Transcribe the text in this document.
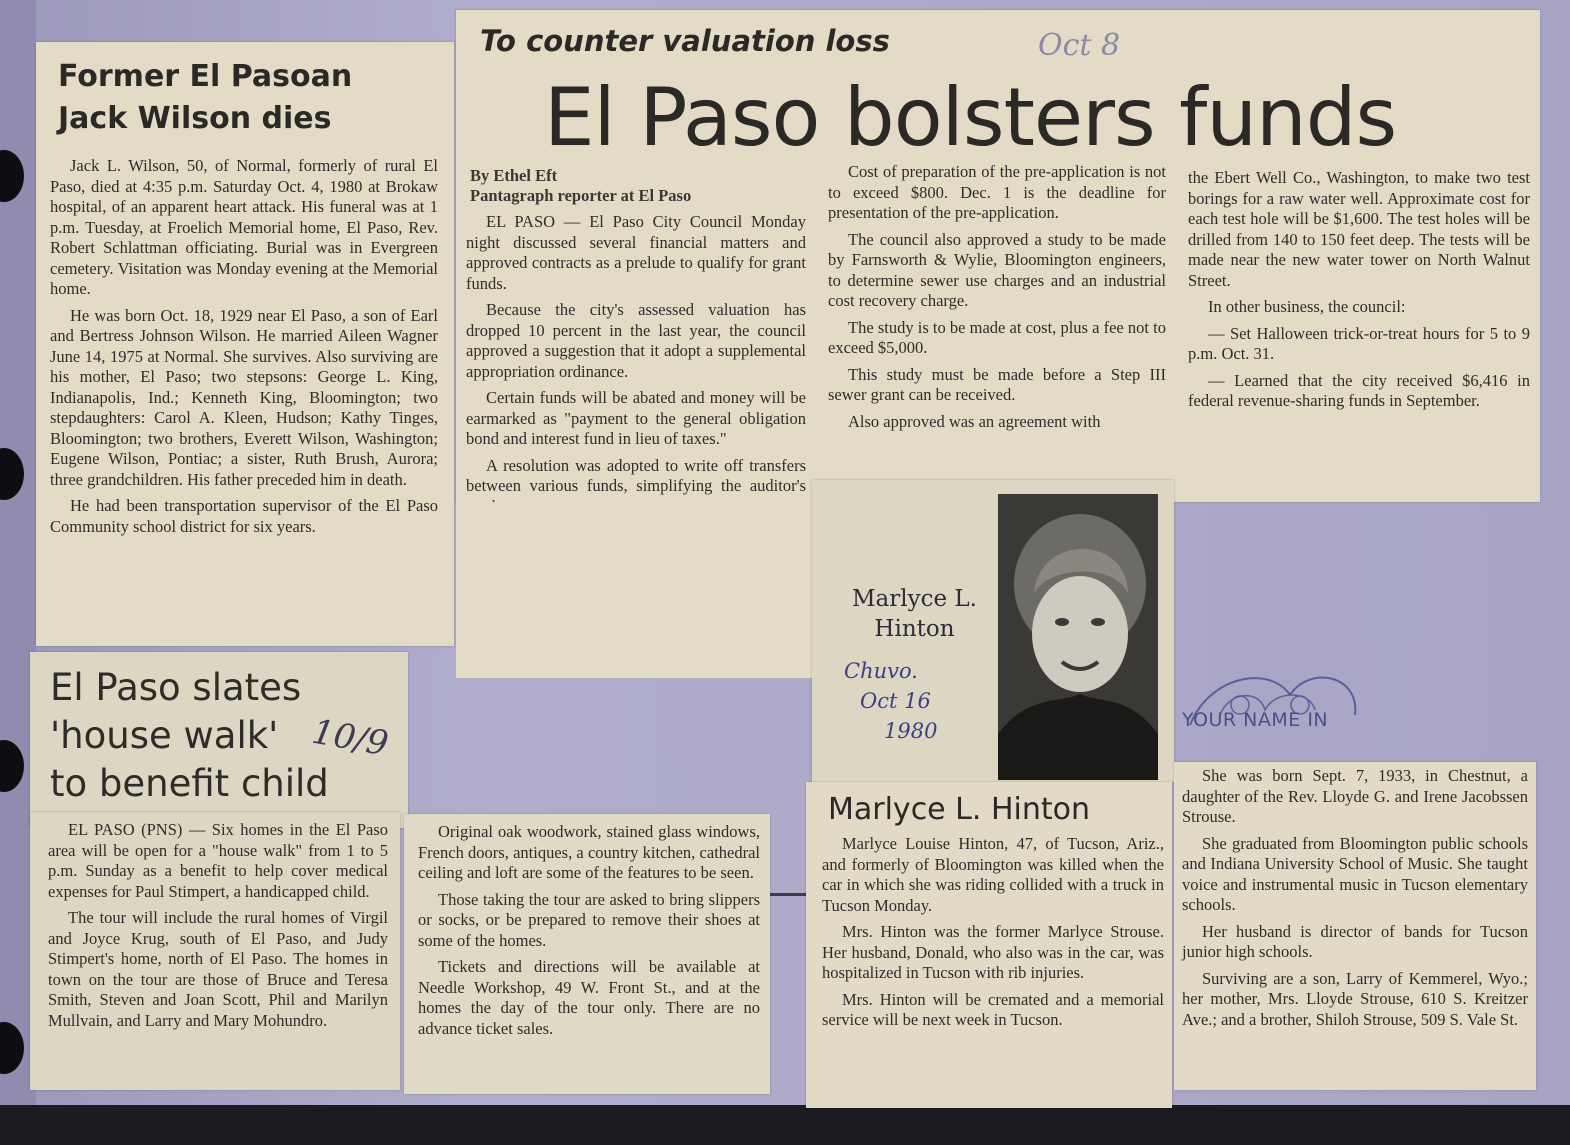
YOUR NAME IN
Former El Pasoan
Jack Wilson dies

Jack L. Wilson, 50, of Normal, formerly of rural El Paso, died at 4:35 p.m. Saturday Oct. 4, 1980 at Brokaw hospital, of an apparent heart attack. His funeral was at 1 p.m. Tuesday, at Froelich Memorial home, El Paso, Rev. Robert Schlattman officiating. Burial was in Evergreen cemetery. Visitation was Monday evening at the Memorial home.

He was born Oct. 18, 1929 near El Paso, a son of Earl and Bertress Johnson Wilson. He married Aileen Wagner June 14, 1975 at Normal. She survives. Also surviving are his mother, El Paso; two stepsons: George L. King, Indianapolis, Ind.; Kenneth King, Bloomington; two stepdaughters: Carol A. Kleen, Hudson; Kathy Tinges, Bloomington; two brothers, Everett Wilson, Washington; Eugene Wilson, Pontiac; a sister, Ruth Brush, Aurora; three grandchildren. His father preceded him in death.

He had been transportation supervisor of the El Paso Community school district for six years.

To counter valuation loss	Oct 8
El Paso bolsters funds
By Ethel Eft
Pantagraph reporter at El Paso

EL PASO — El Paso City Council Monday night discussed several financial matters and approved contracts as a prelude to qualify for grant funds.

Because the city's assessed valuation has dropped 10 percent in the last year, the council approved a suggestion that it adopt a supplemental appropriation ordinance.

Certain funds will be abated and money will be earmarked as "payment to the general obligation bond and interest fund in lieu of taxes."

A resolution was adopted to write off transfers between various funds, simplifying the auditor's

Cost of preparation of the pre-application is not to exceed $800. Dec. 1 is the deadline for presentation of the pre-application.

The council also approved a study to be made by Farnsworth & Wylie, Bloomington engineers, to determine sewer use charges and an industrial cost recovery charge.

The study is to be made at cost, plus a fee not to exceed $5,000.

This study must be made before a Step III sewer grant can be received.

Also approved was an agreement with

the Ebert Well Co., Washington, to make two test borings for a raw water well. Approximate cost for each test hole will be $1,600. The test holes will be drilled from 140 to 150 feet deep. The tests will be made near the new water tower on North Walnut Street.

In other business, the council:

— Set Halloween trick-or-treat hours for 5 to 9 p.m. Oct. 31.

— Learned that the city received $6,416 in federal revenue-sharing funds in September.

El Paso slates
'house walk'
to benefit child
10/9

EL PASO (PNS) — Six homes in the El Paso area will be open for a "house walk" from 1 to 5 p.m. Sunday as a benefit to help cover medical expenses for Paul Stimpert, a handicapped child.

The tour will include the rural homes of Virgil and Joyce Krug, south of El Paso, and Judy Stimpert's home, north of El Paso. The homes in town on the tour are those of Bruce and Teresa Smith, Steven and Joan Scott, Phil and Marilyn Mullvain, and Larry and Mary Mohundro.

Original oak woodwork, stained glass windows, French doors, antiques, a country kitchen, cathedral ceiling and loft are some of the features to be seen.

Those taking the tour are asked to bring slippers or socks, or be prepared to remove their shoes at some of the homes.

Tickets and directions will be available at Needle Workshop, 49 W. Front St., and at the homes the day of the tour only. There are no advance ticket sales.

Marlyce L.
Hinton
Chuvo.
Oct 16
1980
Marlyce L. Hinton

Marlyce Louise Hinton, 47, of Tucson, Ariz., and formerly of Bloomington was killed when the car in which she was riding collided with a truck in Tucson Monday.

Mrs. Hinton was the former Marlyce Strouse. Her husband, Donald, who also was in the car, was hospitalized in Tucson with rib injuries.

Mrs. Hinton will be cremated and a memorial service will be next week in Tucson.

She was born Sept. 7, 1933, in Chestnut, a daughter of the Rev. Lloyde G. and Irene Jacobssen Strouse.

She graduated from Bloomington public schools and Indiana University School of Music. She taught voice and instrumental music in Tucson elementary schools.

Her husband is director of bands for Tucson junior high schools.

Surviving are a son, Larry of Kemmerel, Wyo.; her mother, Mrs. Lloyde Strouse, 610 S. Kreitzer Ave.; and a brother, Shiloh Strouse, 509 S. Vale St.
